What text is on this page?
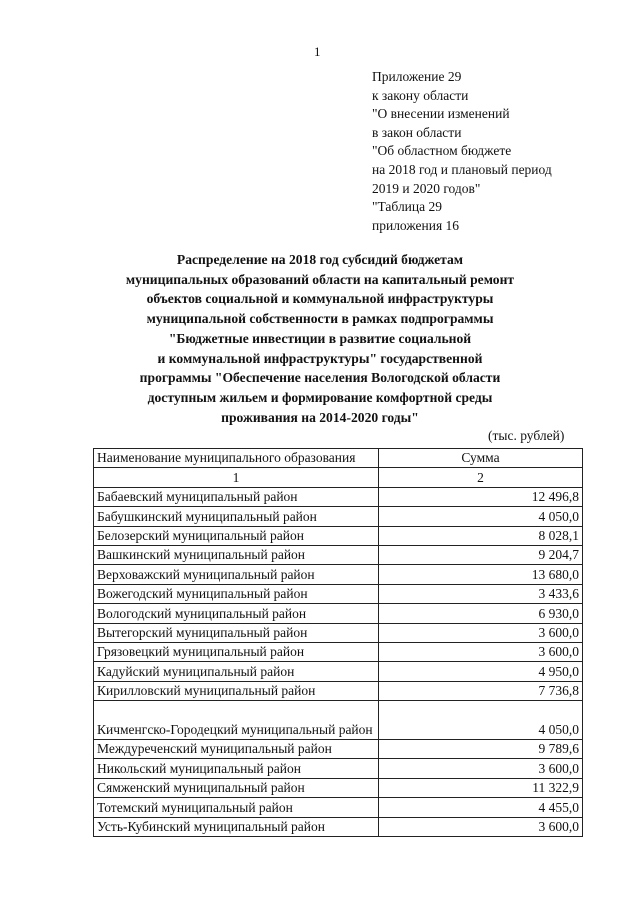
1
Приложение 29
к закону области
"О внесении изменений
в закон области
"Об областном бюджете
на 2018 год и плановый период
2019 и 2020 годов"
"Таблица 29
приложения 16
Распределение на 2018 год субсидий бюджетам
муниципальных образований области на капитальный ремонт
объектов социальной и коммунальной инфраструктуры
муниципальной собственности в рамках подпрограммы
"Бюджетные инвестиции в развитие социальной
и коммунальной инфраструктуры" государственной
программы "Обеспечение населения Вологодской области
доступным жильем и формирование комфортной среды
проживания на 2014-2020 годы"
(тыс. рублей)
Наименование муниципального образования	Сумма
1	2
Бабаевский муниципальный район	12 496,8
Бабушкинский муниципальный район	4 050,0
Белозерский муниципальный район	8 028,1
Вашкинский муниципальный район	9 204,7
Верховажский муниципальный район	13 680,0
Вожегодский муниципальный район	3 433,6
Вологодский муниципальный район	6 930,0
Вытегорский муниципальный район	3 600,0
Грязовецкий муниципальный район	3 600,0
Кадуйский муниципальный район	4 950,0
Кирилловский муниципальный район	7 736,8
Кичменгско-Городецкий муниципальный район	4 050,0
Междуреченский муниципальный район	9 789,6
Никольский муниципальный район	3 600,0
Сямженский муниципальный район	11 322,9
Тотемский муниципальный район	4 455,0
Усть-Кубинский муниципальный район	3 600,0
